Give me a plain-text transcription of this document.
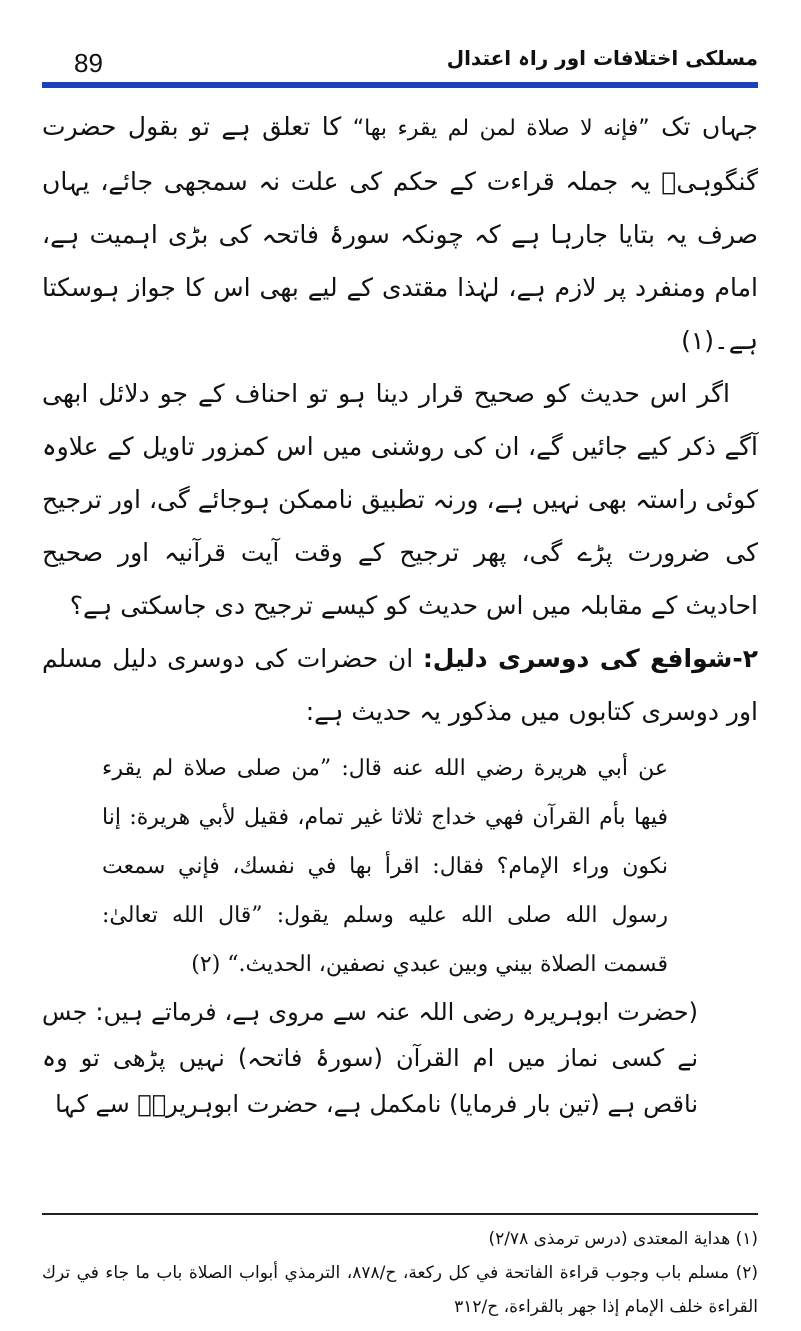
89	مسلکی اختلافات اور راہ اعتدال

جہاں تک ”فإنه لا صلاة لمن لم يقرء بها“ کا تعلق ہے تو بقول حضرت گنگوہیؒ یہ جملہ قراءت کے حکم کی علت نہ سمجھی جائے، یہاں صرف یہ بتایا جارہا ہے کہ چونکہ سورۂ فاتحہ کی بڑی اہمیت ہے، امام ومنفرد پر لازم ہے، لہٰذا مقتدی کے لیے بھی اس کا جواز ہوسکتا ہے۔(۱)

اگر اس حدیث کو صحیح قرار دینا ہو تو احناف کے جو دلائل ابھی آگے ذکر کیے جائیں گے، ان کی روشنی میں اس کمزور تاویل کے علاوہ کوئی راستہ بھی نہیں ہے، ورنہ تطبیق ناممکن ہوجائے گی، اور ترجیح کی ضرورت پڑے گی، پھر ترجیح کے وقت آیت قرآنیہ اور صحیح احادیث کے مقابلہ میں اس حدیث کو کیسے ترجیح دی جاسکتی ہے؟

۲-شوافع کی دوسری دلیل: ان حضرات کی دوسری دلیل مسلم اور دوسری کتابوں میں مذکور یہ حدیث ہے:

عن أبي هريرة رضي الله عنه قال: ”من صلى صلاة لم يقرء فيها بأم القرآن فهي خداج ثلاثا غير تمام، فقيل لأبي هريرة: إنا نكون وراء الإمام؟ فقال: اقرأ بها في نفسك، فإني سمعت رسول الله صلى الله عليه وسلم يقول: ”قال الله تعالىٰ: قسمت الصلاة بيني وبين عبدي نصفين، الحديث.“ (۲)

(حضرت ابوہریرہ رضی اللہ عنہ سے مروی ہے، فرماتے ہیں: جس نے کسی نماز میں ام القرآن (سورۂ فاتحہ) نہیں پڑھی تو وہ ناقص ہے (تین بار فرمایا) نامکمل ہے، حضرت ابوہریرہؓ سے کہا

(۱) هداية المعتدى (درس ترمذی ۲/۷۸)

(۲) مسلم باب وجوب قراءة الفاتحة في كل ركعة، ح/۸۷۸، الترمذي أبواب الصلاة باب ما جاء في ترك القراءة خلف الإمام إذا جهر بالقراءة، ح/۳۱۲
